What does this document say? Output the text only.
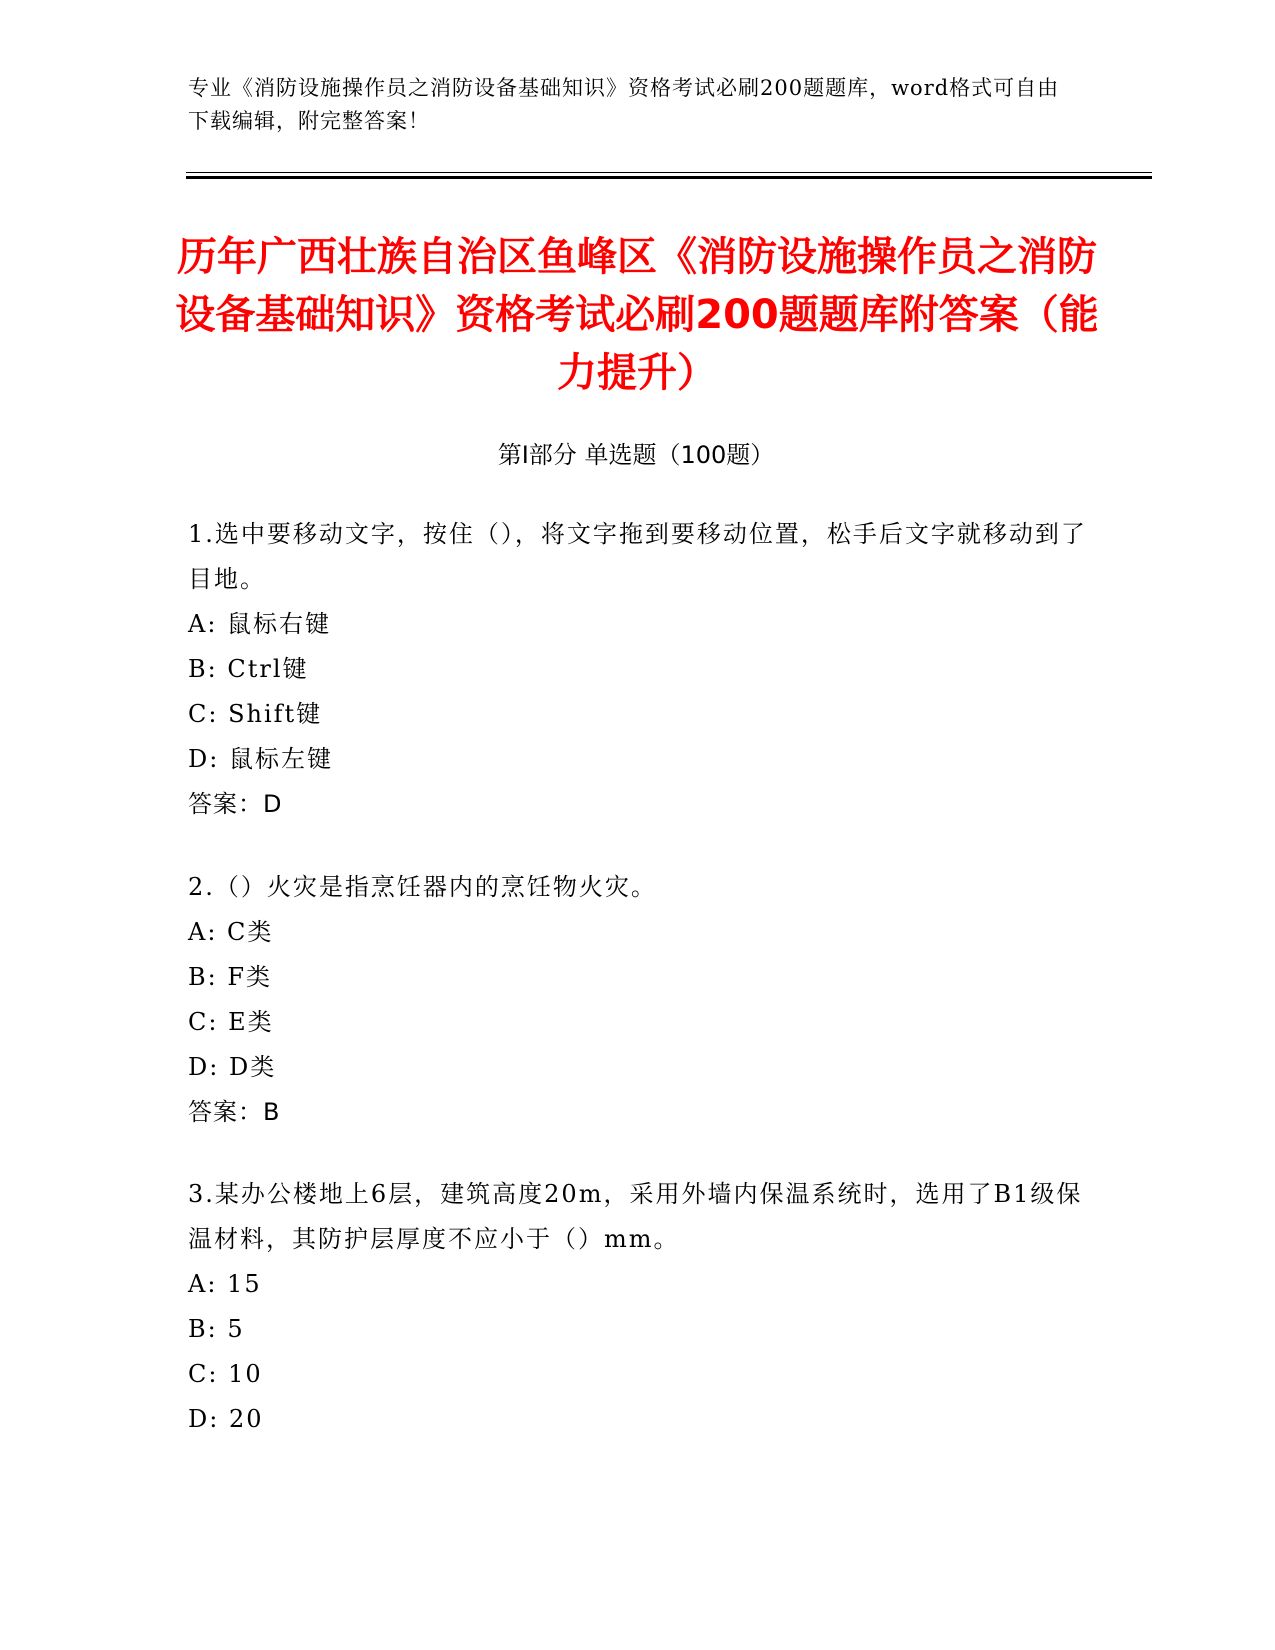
专业《消防设施操作员之消防设备基础知识》资格考试必刷200题题库，word格式可自由下载编辑，附完整答案！
历年广西壮族自治区鱼峰区《消防设施操作员之消防设备基础知识》资格考试必刷200题题库附答案（能力提升）
第Ⅰ部分 单选题（100题）

1.选中要移动文字，按住（），将文字拖到要移动位置，松手后文字就移动到了目地。

A: 鼠标右键

B: Ctrl键

C: Shift键

D: 鼠标左键

答案：D

2.（）火灾是指烹饪器内的烹饪物火灾。

A: C类

B: F类

C: E类

D: D类

答案：B

3.某办公楼地上6层，建筑高度20m，采用外墙内保温系统时，选用了B1级保温材料，其防护层厚度不应小于（）mm。

A: 15

B: 5

C: 10

D: 20
